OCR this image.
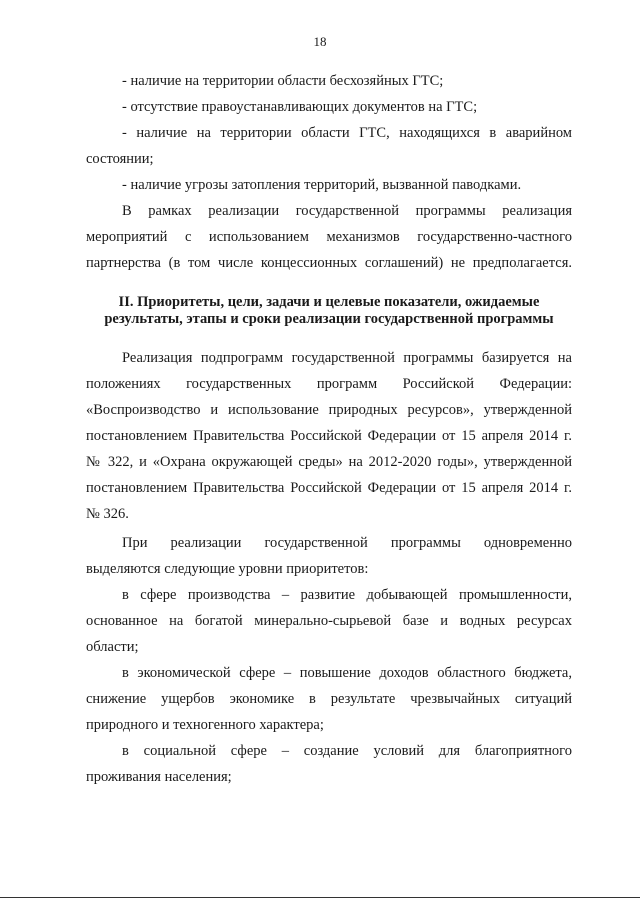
18
- наличие на территории области бесхозяйных ГТС;
- отсутствие правоустанавливающих документов на ГТС;
- наличие на территории области ГТС, находящихся в аварийном
состоянии;
- наличие угрозы затопления территорий, вызванной паводками.
В рамках реализации государственной программы реализация
мероприятий с использованием механизмов государственно-частного
партнерства (в том числе концессионных соглашений) не предполагается.
II. Приоритеты, цели, задачи и целевые показатели, ожидаемые
результаты, этапы и сроки реализации государственной программы
Реализация подпрограмм государственной программы базируется на
положениях государственных программ Российской Федерации:
«Воспроизводство и использование природных ресурсов», утвержденной
постановлением Правительства Российской Федерации от 15 апреля 2014 г.
№ 322, и «Охрана окружающей среды» на 2012-2020 годы», утвержденной
постановлением Правительства Российской Федерации от 15 апреля 2014 г.
№ 326.
При реализации государственной программы одновременно
выделяются следующие уровни приоритетов:
в сфере производства – развитие добывающей промышленности,
основанное на богатой минерально-сырьевой базе и водных ресурсах
области;
в экономической сфере – повышение доходов областного бюджета,
снижение ущербов экономике в результате чрезвычайных ситуаций
природного и техногенного характера;
в социальной сфере – создание условий для благоприятного
проживания населения;
